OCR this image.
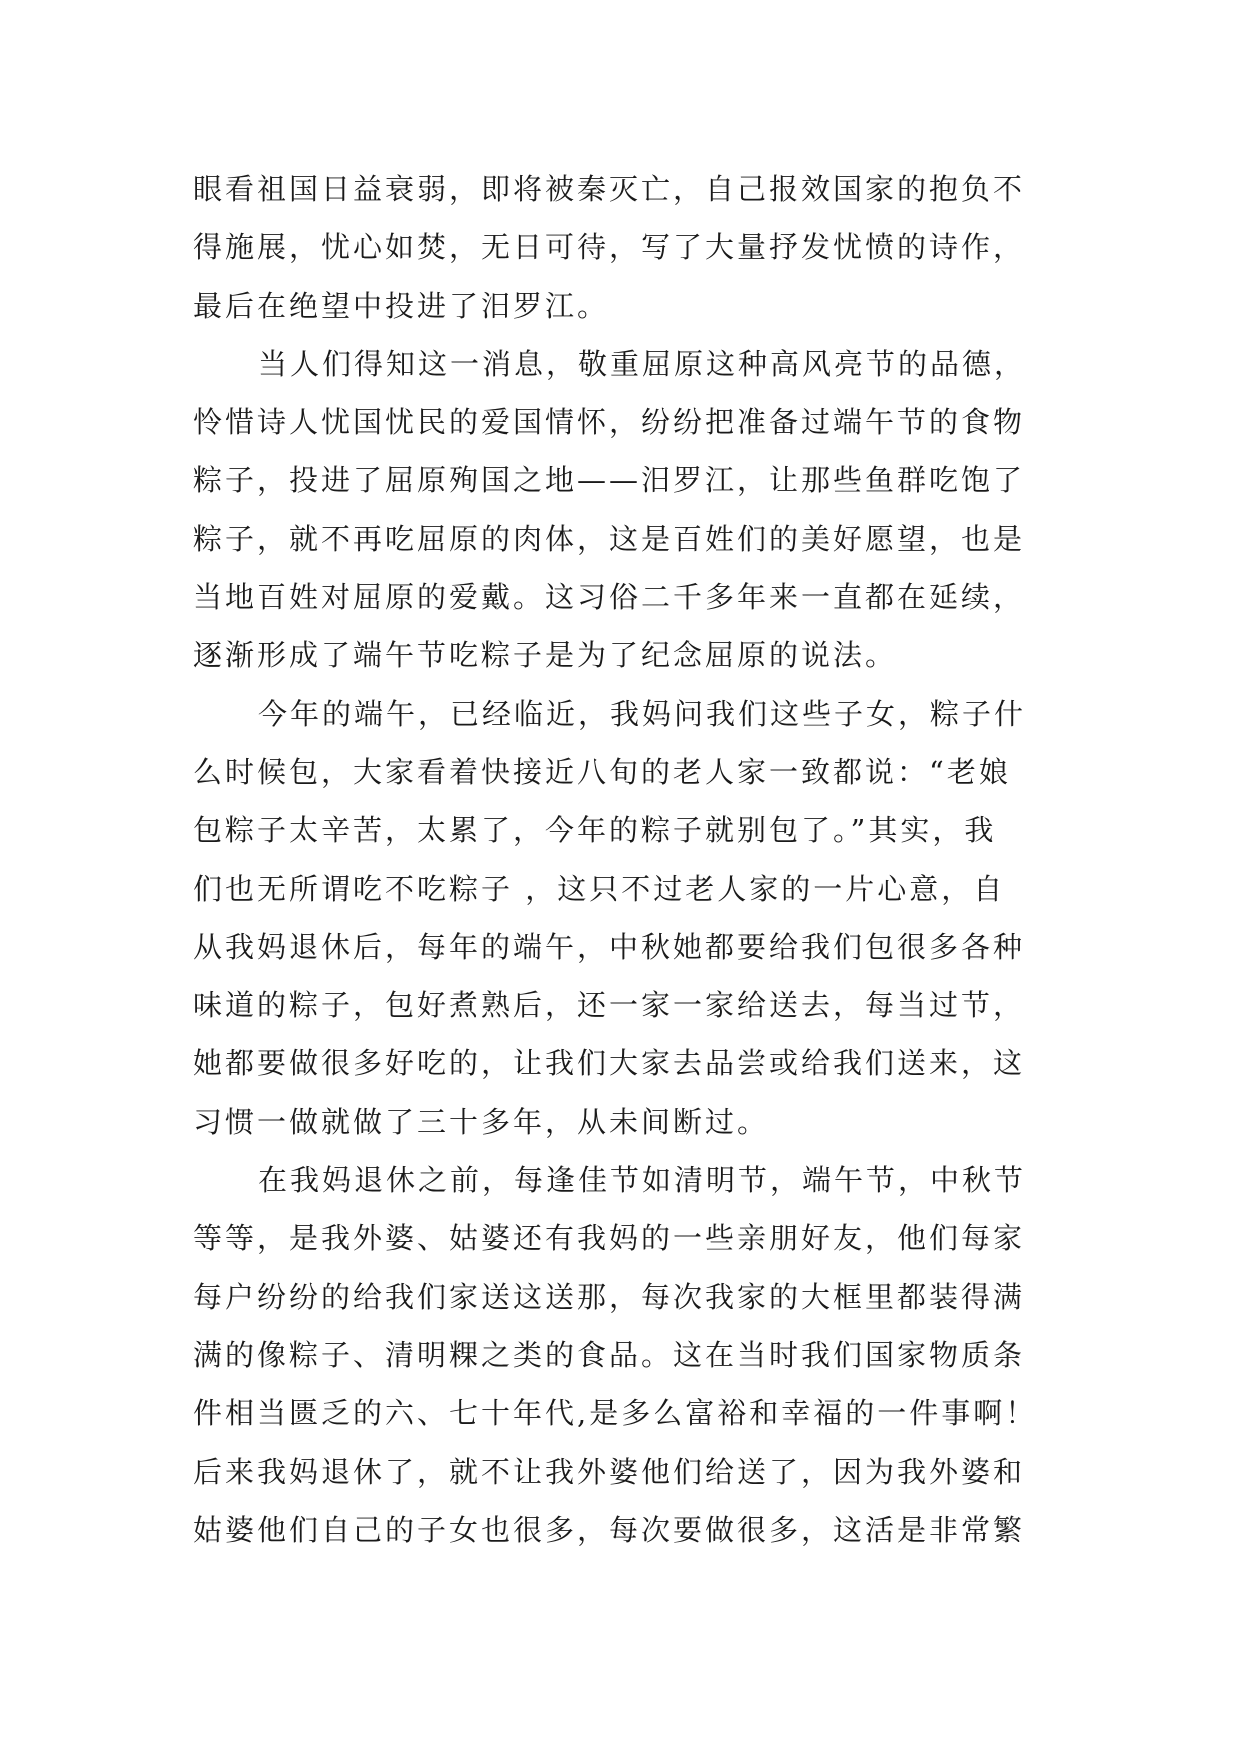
眼看祖国日益衰弱，即将被秦灭亡，自己报效国家的抱负不
得施展，忧心如焚，无日可待，写了大量抒发忧愤的诗作，
最后在绝望中投进了汨罗江。
当人们得知这一消息，敬重屈原这种高风亮节的品德，
怜惜诗人忧国忧民的爱国情怀，纷纷把准备过端午节的食物
粽子，投进了屈原殉国之地——汨罗江，让那些鱼群吃饱了
粽子，就不再吃屈原的肉体，这是百姓们的美好愿望，也是
当地百姓对屈原的爱戴。这习俗二千多年来一直都在延续，
逐渐形成了端午节吃粽子是为了纪念屈原的说法。
今年的端午，已经临近，我妈问我们这些子女，粽子什
么时候包，大家看着快接近八旬的老人家一致都说：“老娘
包粽子太辛苦，太累了，今年的粽子就别包了。”其实，我
们也无所谓吃不吃粽子 ，这只不过老人家的一片心意，自
从我妈退休后，每年的端午，中秋她都要给我们包很多各种
味道的粽子，包好煮熟后，还一家一家给送去，每当过节，
她都要做很多好吃的，让我们大家去品尝或给我们送来，这
习惯一做就做了三十多年，从未间断过。
在我妈退休之前，每逢佳节如清明节，端午节，中秋节
等等，是我外婆、姑婆还有我妈的一些亲朋好友，他们每家
每户纷纷的给我们家送这送那，每次我家的大框里都装得满
满的像粽子、清明粿之类的食品。这在当时我们国家物质条
件相当匮乏的六、七十年代,是多么富裕和幸福的一件事啊！
后来我妈退休了，就不让我外婆他们给送了，因为我外婆和
姑婆他们自己的子女也很多，每次要做很多，这活是非常繁
